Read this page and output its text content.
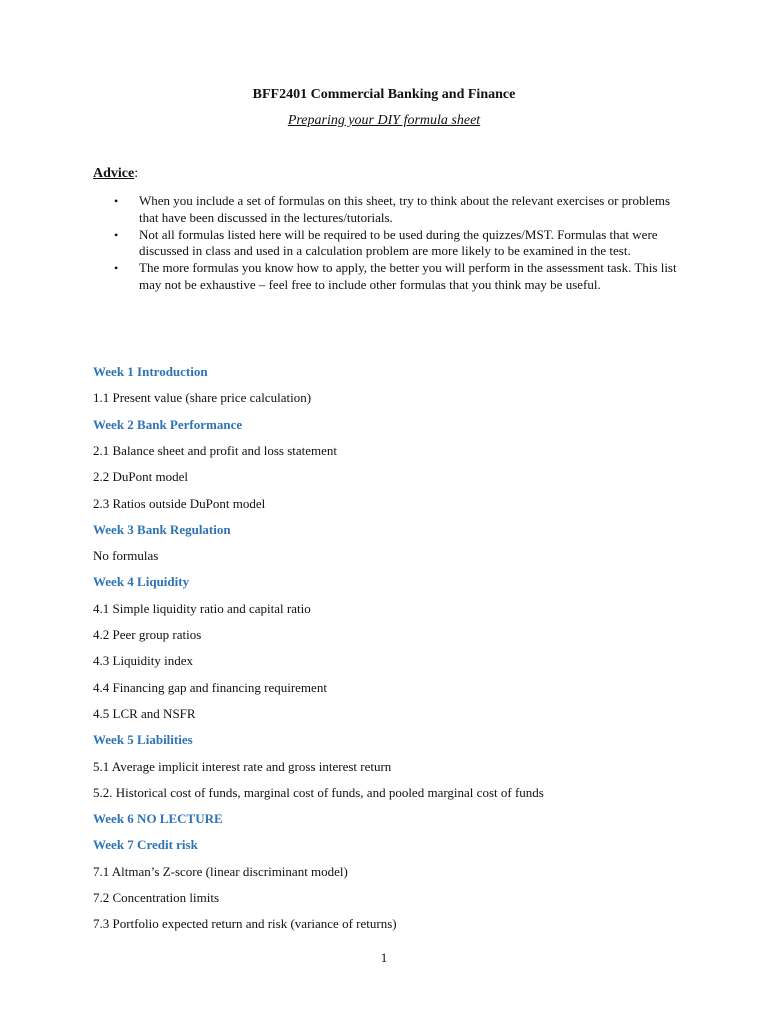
BFF2401 Commercial Banking and Finance
Preparing your DIY formula sheet
Advice:
• When you include a set of formulas on this sheet, try to think about the relevant exercises or problems that have been discussed in the lectures/tutorials.
• Not all formulas listed here will be required to be used during the quizzes/MST. Formulas that were discussed in class and used in a calculation problem are more likely to be examined in the test.
• The more formulas you know how to apply, the better you will perform in the assessment task. This list may not be exhaustive – feel free to include other formulas that you think may be useful.
Week 1 Introduction
1.1 Present value (share price calculation)
Week 2 Bank Performance
2.1 Balance sheet and profit and loss statement
2.2 DuPont model
2.3 Ratios outside DuPont model
Week 3 Bank Regulation
No formulas
Week 4 Liquidity
4.1 Simple liquidity ratio and capital ratio
4.2 Peer group ratios
4.3 Liquidity index
4.4 Financing gap and financing requirement
4.5 LCR and NSFR
Week 5 Liabilities
5.1 Average implicit interest rate and gross interest return
5.2. Historical cost of funds, marginal cost of funds, and pooled marginal cost of funds
Week 6 NO LECTURE
Week 7 Credit risk
7.1 Altman’s Z-score (linear discriminant model)
7.2 Concentration limits
7.3 Portfolio expected return and risk (variance of returns)
1
